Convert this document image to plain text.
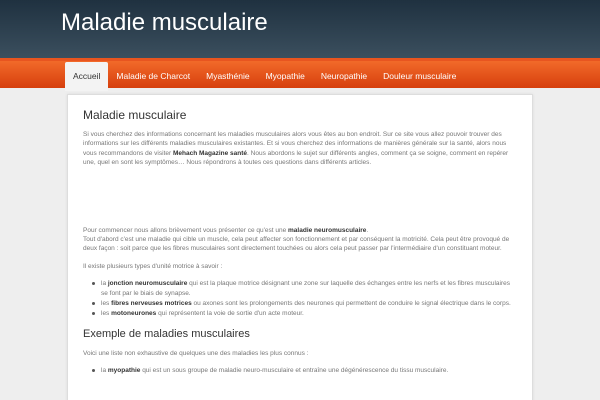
Maladie musculaire
Accueil	Maladie de Charcot	Myasthénie	Myopathie	Neuropathie	Douleur musculaire
Maladie musculaire

Si vous cherchez des informations concernant les maladies musculaires alors vous êtes au bon endroit. Sur ce site vous allez pouvoir trouver des informations sur les différents maladies musculaires existantes. Et si vous cherchez des informations de manières générale sur la santé, alors nous vous recommandons de visiter Mehach Magazine santé. Nous abordons le sujet sur différents angles, comment ça se soigne, comment en repérer une, quel en sont les symptômes… Nous répondrons à toutes ces questions dans différents articles.

Pour commencer nous allons brièvement vous présenter ce qu'est une maladie neuromusculaire.
Tout d'abord c'est une maladie qui cible un muscle, cela peut affecter son fonctionnement et par conséquent la motricité. Cela peut être provoqué de deux façon : soit parce que les fibres musculaires sont directement touchées ou alors cela peut passer par l'intermédiaire d'un constituant moteur.

Il existe plusieurs types d'unité motrice à savoir :

la jonction neuromusculaire qui est la plaque motrice désignant une zone sur laquelle des échanges entre les nerfs et les fibres musculaires se font par le biais de synapse.
les fibres nerveuses motrices ou axones sont les prolongements des neurones qui permettent de conduire le signal électrique dans le corps.
les motoneurones qui représentent la voie de sortie d'un acte moteur.
Exemple de maladies musculaires

Voici une liste non exhaustive de quelques une des maladies les plus connus :

la myopathie qui est un sous groupe de maladie neuro-musculaire et entraîne une dégénérescence du tissu musculaire.
